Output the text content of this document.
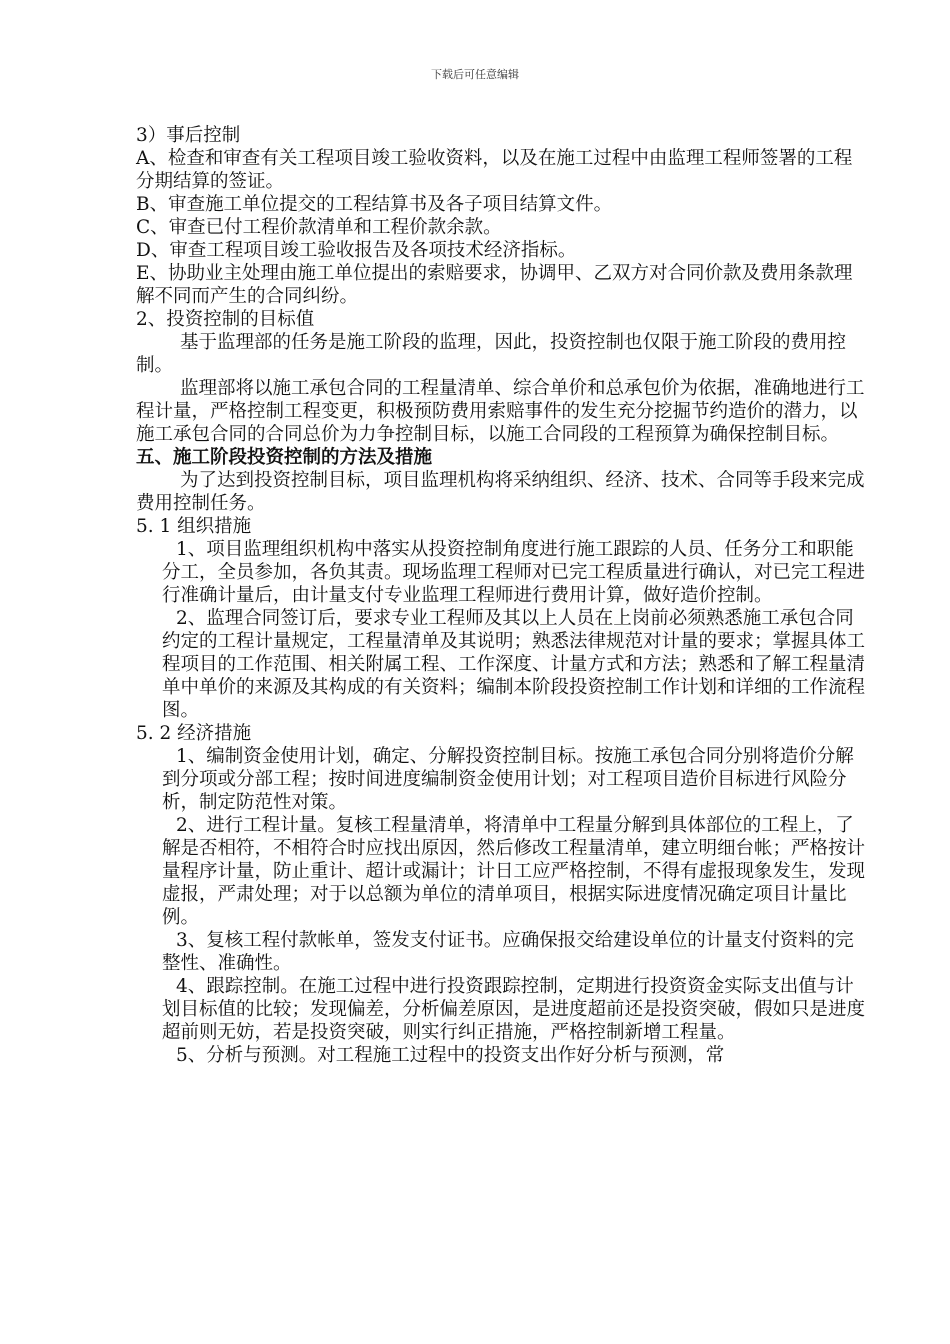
下载后可任意编辑

3）事后控制

A、检查和审查有关工程项目竣工验收资料，以及在施工过程中由监理工程师签署的工程分期结算的签证。

B、审查施工单位提交的工程结算书及各子项目结算文件。

C、审查已付工程价款清单和工程价款余款。

D、审查工程项目竣工验收报告及各项技术经济指标。

E、协助业主处理由施工单位提出的索赔要求，协调甲、乙双方对合同价款及费用条款理解不同而产生的合同纠纷。

2、投资控制的目标值

基于监理部的任务是施工阶段的监理，因此，投资控制也仅限于施工阶段的费用控制。

监理部将以施工承包合同的工程量清单、综合单价和总承包价为依据，准确地进行工程计量，严格控制工程变更，积极预防费用索赔事件的发生充分挖掘节约造价的潜力，以施工承包合同的合同总价为力争控制目标，以施工合同段的工程预算为确保控制目标。

五、施工阶段投资控制的方法及措施

为了达到投资控制目标，项目监理机构将采纳组织、经济、技术、合同等手段来完成费用控制任务。

5. 1 组织措施

1、项目监理组织机构中落实从投资控制角度进行施工跟踪的人员、任务分工和职能分工，全员参加，各负其责。现场监理工程师对已完工程质量进行确认，对已完工程进行准确计量后，由计量支付专业监理工程师进行费用计算，做好造价控制。

2、监理合同签订后，要求专业工程师及其以上人员在上岗前必须熟悉施工承包合同约定的工程计量规定，工程量清单及其说明；熟悉法律规范对计量的要求；掌握具体工程项目的工作范围、相关附属工程、工作深度、计量方式和方法；熟悉和了解工程量清单中单价的来源及其构成的有关资料；编制本阶段投资控制工作计划和详细的工作流程图。

5. 2 经济措施

1、编制资金使用计划，确定、分解投资控制目标。按施工承包合同分别将造价分解到分项或分部工程；按时间进度编制资金使用计划；对工程项目造价目标进行风险分析，制定防范性对策。

2、进行工程计量。复核工程量清单，将清单中工程量分解到具体部位的工程上，了解是否相符，不相符合时应找出原因，然后修改工程量清单，建立明细台帐；严格按计量程序计量，防止重计、超计或漏计；计日工应严格控制，不得有虚报现象发生，发现虚报，严肃处理；对于以总额为单位的清单项目，根据实际进度情况确定项目计量比例。

3、复核工程付款帐单，签发支付证书。应确保报交给建设单位的计量支付资料的完整性、准确性。

4、跟踪控制。在施工过程中进行投资跟踪控制，定期进行投资资金实际支出值与计划目标值的比较；发现偏差，分析偏差原因，是进度超前还是投资突破，假如只是进度超前则无妨，若是投资突破，则实行纠正措施，严格控制新增工程量。

5、分析与预测。对工程施工过程中的投资支出作好分析与预测，常
